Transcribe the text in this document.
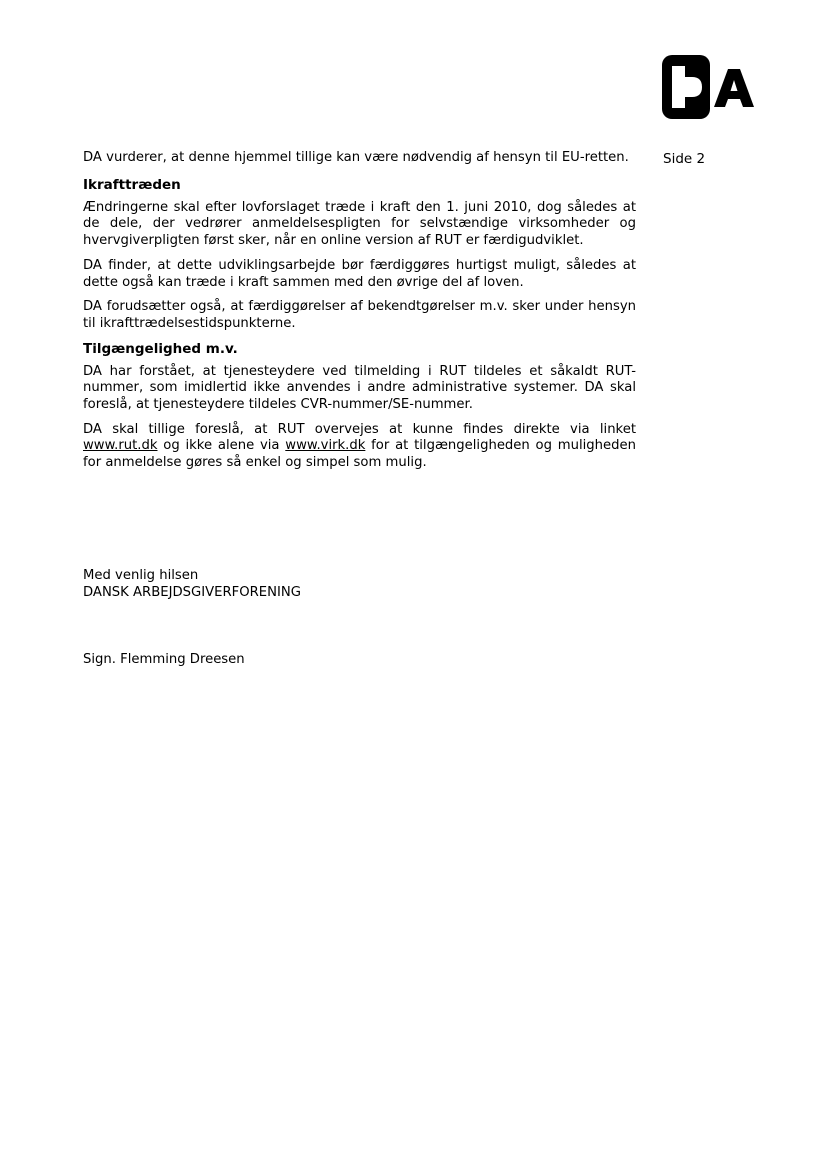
DA
Side 2

DA vurderer, at denne hjemmel tillige kan være nødvendig af hensyn til EU-retten.

Ikrafttræden

Ændringerne skal efter lovforslaget træde i kraft den 1. juni 2010, dog således at de dele, der vedrører anmeldelsespligten for selvstændige virksomheder og hvervgiverpligten først sker, når en online version af RUT er færdigudviklet.

DA finder, at dette udviklingsarbejde bør færdiggøres hurtigst muligt, således at dette også kan træde i kraft sammen med den øvrige del af loven.

DA forudsætter også, at færdiggørelser af bekendtgørelser m.v. sker under hensyn til ikrafttrædelsestidspunkterne.

Tilgængelighed m.v.

DA har forstået, at tjenesteydere ved tilmelding i RUT tildeles et såkaldt RUT-nummer, som imidlertid ikke anvendes i andre administrative systemer. DA skal foreslå, at tjenesteydere tildeles CVR-nummer/SE-nummer.

DA skal tillige foreslå, at RUT overvejes at kunne findes direkte via linket www.rut.dk og ikke alene via www.virk.dk for at tilgængeligheden og muligheden for anmeldelse gøres så enkel og simpel som mulig.

Med venlig hilsen
DANSK ARBEJDSGIVERFORENING
Sign. Flemming Dreesen
